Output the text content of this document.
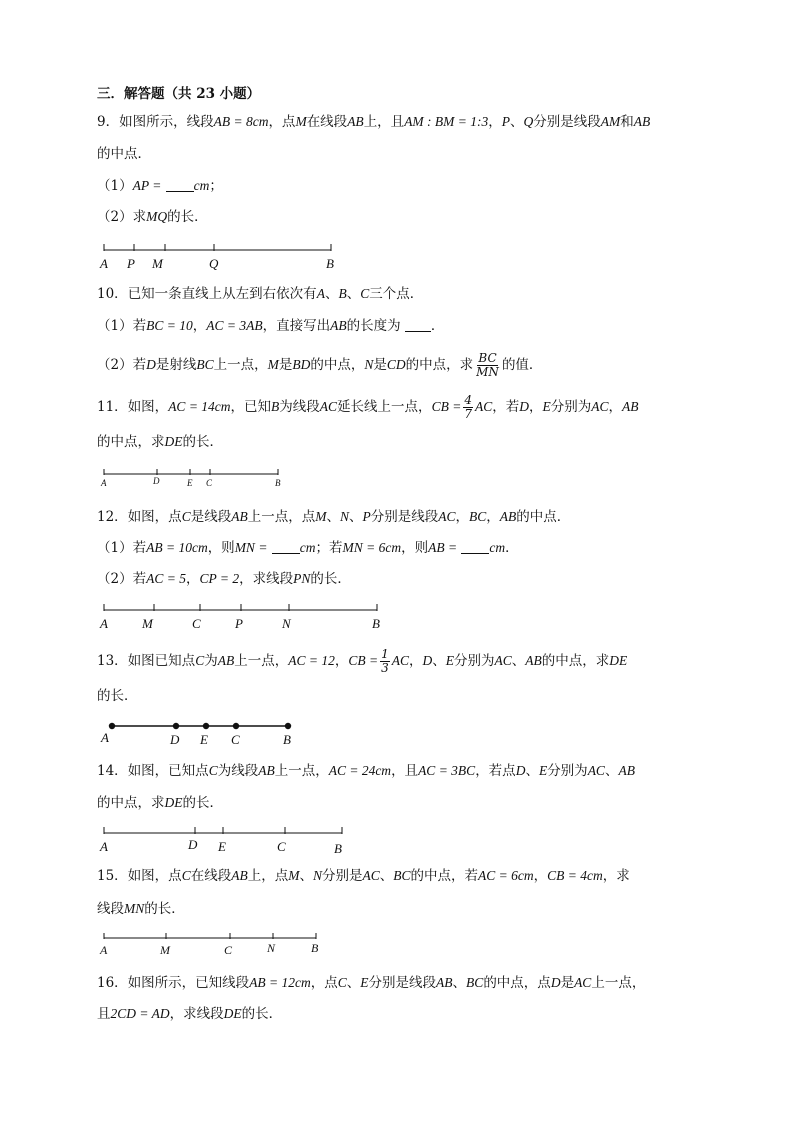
三．解答题（共 23 小题）
9．如图所示，线段AB = 8cm，点M在线段AB上，且AM : BM = 1:3，P、Q分别是线段AM和AB
的中点．
（1）AP = cm；
（2）求MQ的长．
A P M	Q	B
10．已知一条直线上从左到右依次有A、B、C三个点．
（1）若BC = 10，AC = 3AB，直接写出AB的长度为 ．
（2）若D是射线BC上一点，M是BD的中点，N是CD的中点，求 $\frac{BC}{MN}$ 的值．
11．如图，AC = 14cm，已知B为线段AC延长线上一点，CB = $\frac{4}{7}$ AC，若D，E分别为AC，AB
的中点，求DE的长．
A	D	E C	B
12．如图，点C是线段AB上一点，点M、N、P分别是线段AC，BC，AB的中点．
（1）若AB = 10cm，则MN = cm；若MN = 6cm，则AB = cm．
（2）若AC = 5，CP = 2，求线段PN的长．
A	M	C	P	N	B
13．如图已知点C为AB上一点，AC = 12，CB = $\frac{1}{3}$ AC，D、E分别为AC、AB的中点，求DE
的长．
A	D E C	B
14．如图，已知点C为线段AB上一点，AC = 24cm，且AC = 3BC，若点D、E分别为AC、AB
的中点，求DE的长．
A	D E	C	B
15．如图，点C在线段AB上，点M、N分别是AC、BC的中点，若AC = 6cm，CB = 4cm，求
线段MN的长．
A	M	C	N	B
16．如图所示，已知线段AB = 12cm，点C、E分别是线段AB、BC的中点，点D是AC上一点，
且2CD = AD，求线段DE的长．
